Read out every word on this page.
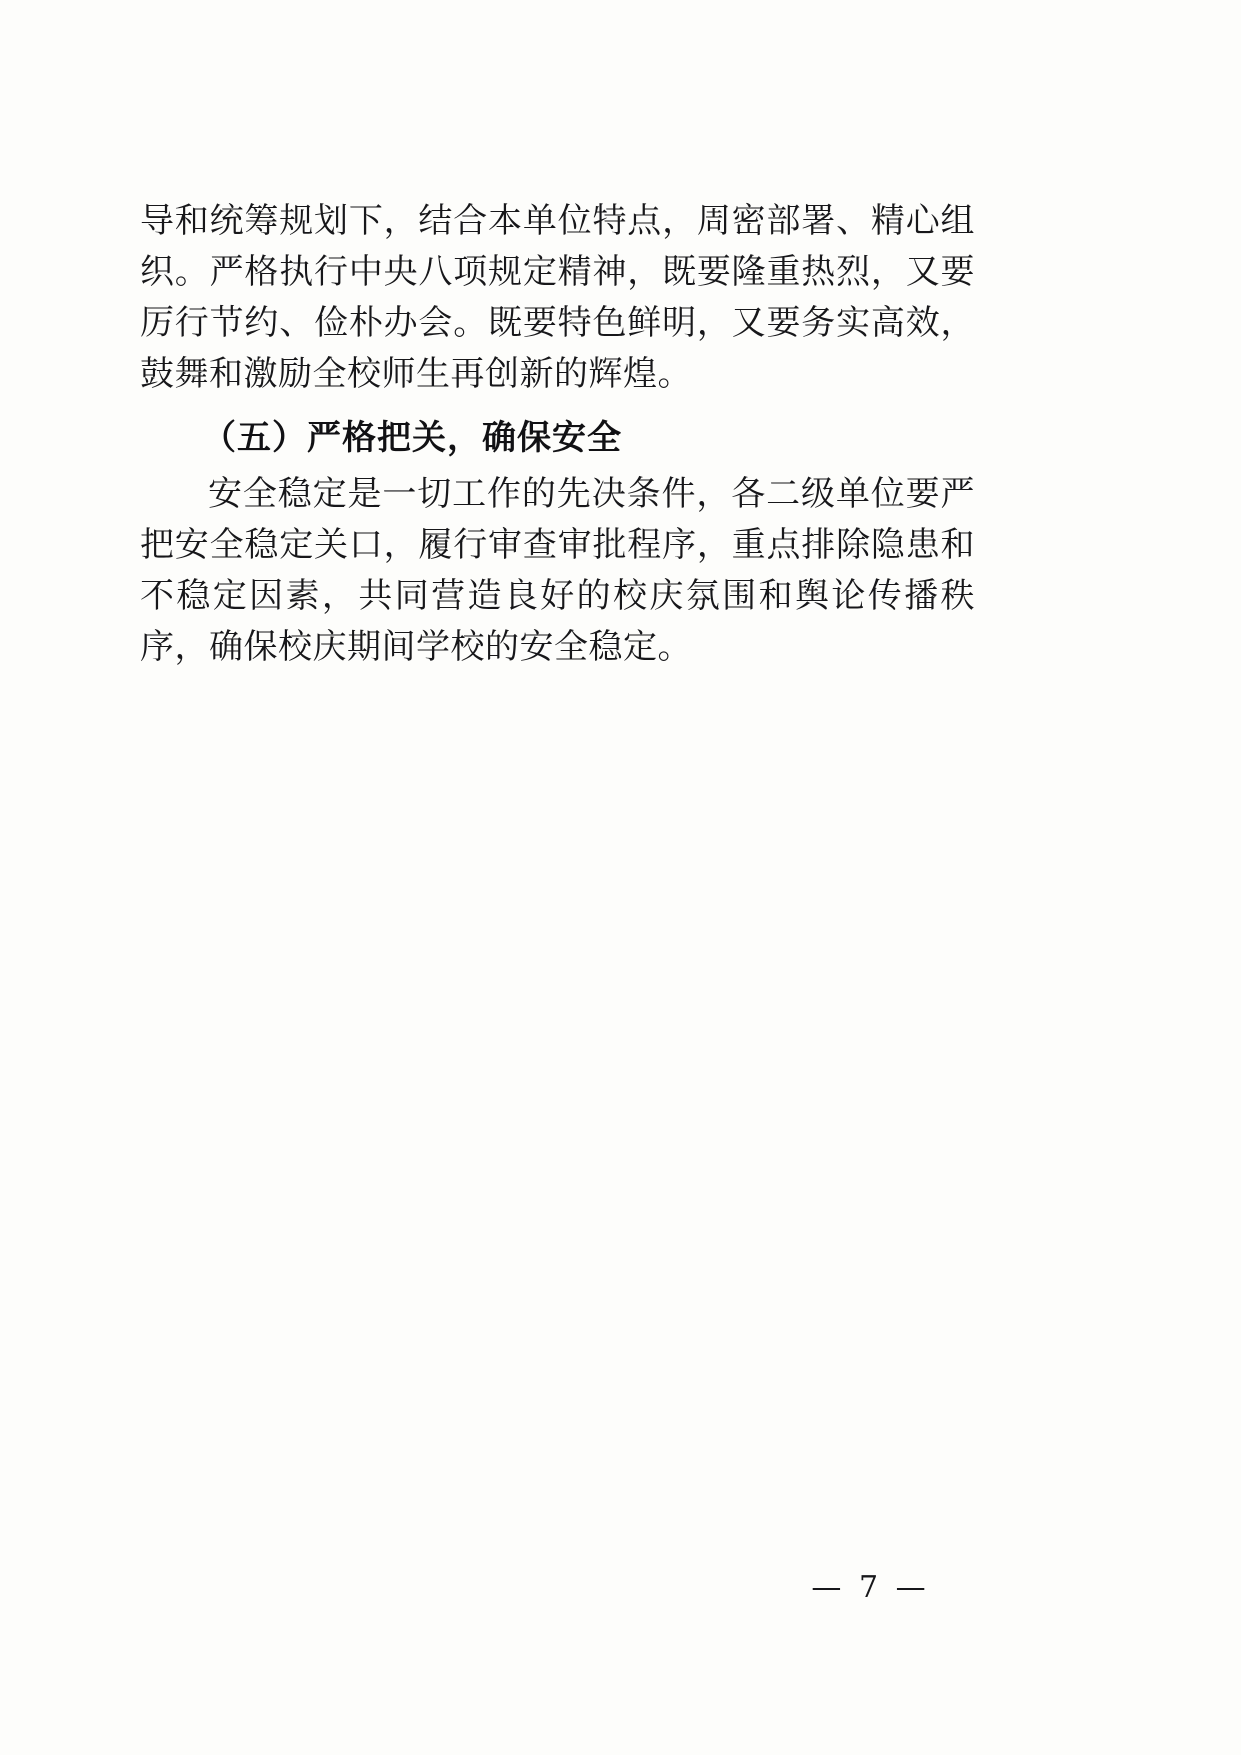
导和统筹规划下，结合本单位特点，周密部署、精心组织。严格执行中央八项规定精神，既要隆重热烈，又要厉行节约、俭朴办会。既要特色鲜明，又要务实高效，鼓舞和激励全校师生再创新的辉煌。

（五）严格把关，确保安全

安全稳定是一切工作的先决条件，各二级单位要严把安全稳定关口，履行审查审批程序，重点排除隐患和不稳定因素，共同营造良好的校庆氛围和舆论传播秩序，确保校庆期间学校的安全稳定。

— 7 —
